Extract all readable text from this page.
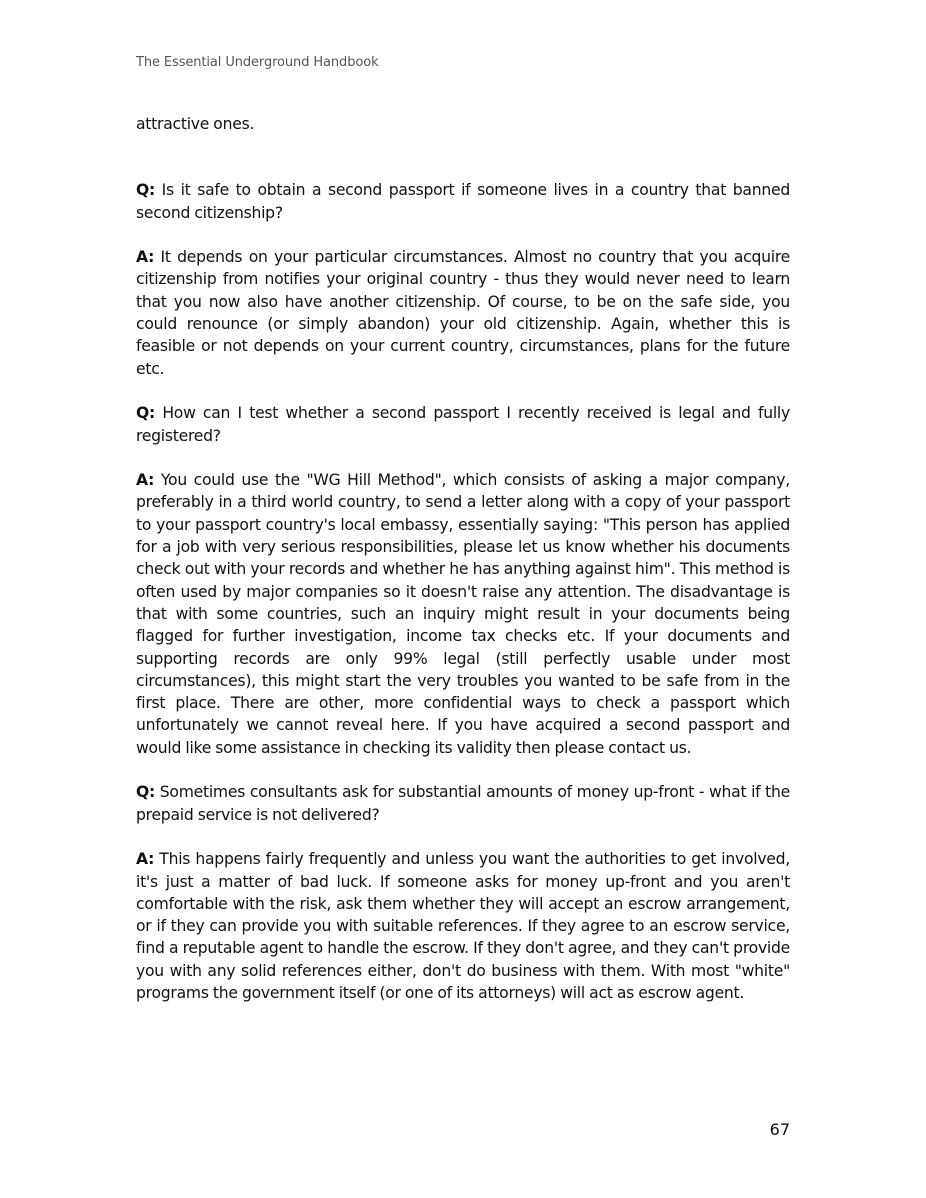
The Essential Underground Handbook

attractive ones.

Q: Is it safe to obtain a second passport if someone lives in a country that banned second citizenship?

A: It depends on your particular circumstances. Almost no country that you acquire citizenship from notifies your original country - thus they would never need to learn that you now also have another citizenship. Of course, to be on the safe side, you could renounce (or simply abandon) your old citizenship. Again, whether this is feasible or not depends on your current country, circumstances, plans for the future etc.

Q: How can I test whether a second passport I recently received is legal and fully registered?

A: You could use the "WG Hill Method", which consists of asking a major company, preferably in a third world country, to send a letter along with a copy of your passport to your passport country's local embassy, essentially saying: "This person has applied for a job with very serious responsibilities, please let us know whether his documents check out with your records and whether he has anything against him". This method is often used by major companies so it doesn't raise any attention. The disadvantage is that with some countries, such an inquiry might result in your documents being flagged for further investigation, income tax checks etc. If your documents and supporting records are only 99% legal (still perfectly usable under most circumstances), this might start the very troubles you wanted to be safe from in the first place. There are other, more confidential ways to check a passport which unfortunately we cannot reveal here. If you have acquired a second passport and would like some assistance in checking its validity then please contact us.

Q: Sometimes consultants ask for substantial amounts of money up-front - what if the prepaid service is not delivered?

A: This happens fairly frequently and unless you want the authorities to get involved, it's just a matter of bad luck. If someone asks for money up-front and you aren't comfortable with the risk, ask them whether they will accept an escrow arrangement, or if they can provide you with suitable references. If they agree to an escrow service, find a reputable agent to handle the escrow. If they don't agree, and they can't provide you with any solid references either, don't do business with them. With most "white" programs the government itself (or one of its attorneys) will act as escrow agent.

67
